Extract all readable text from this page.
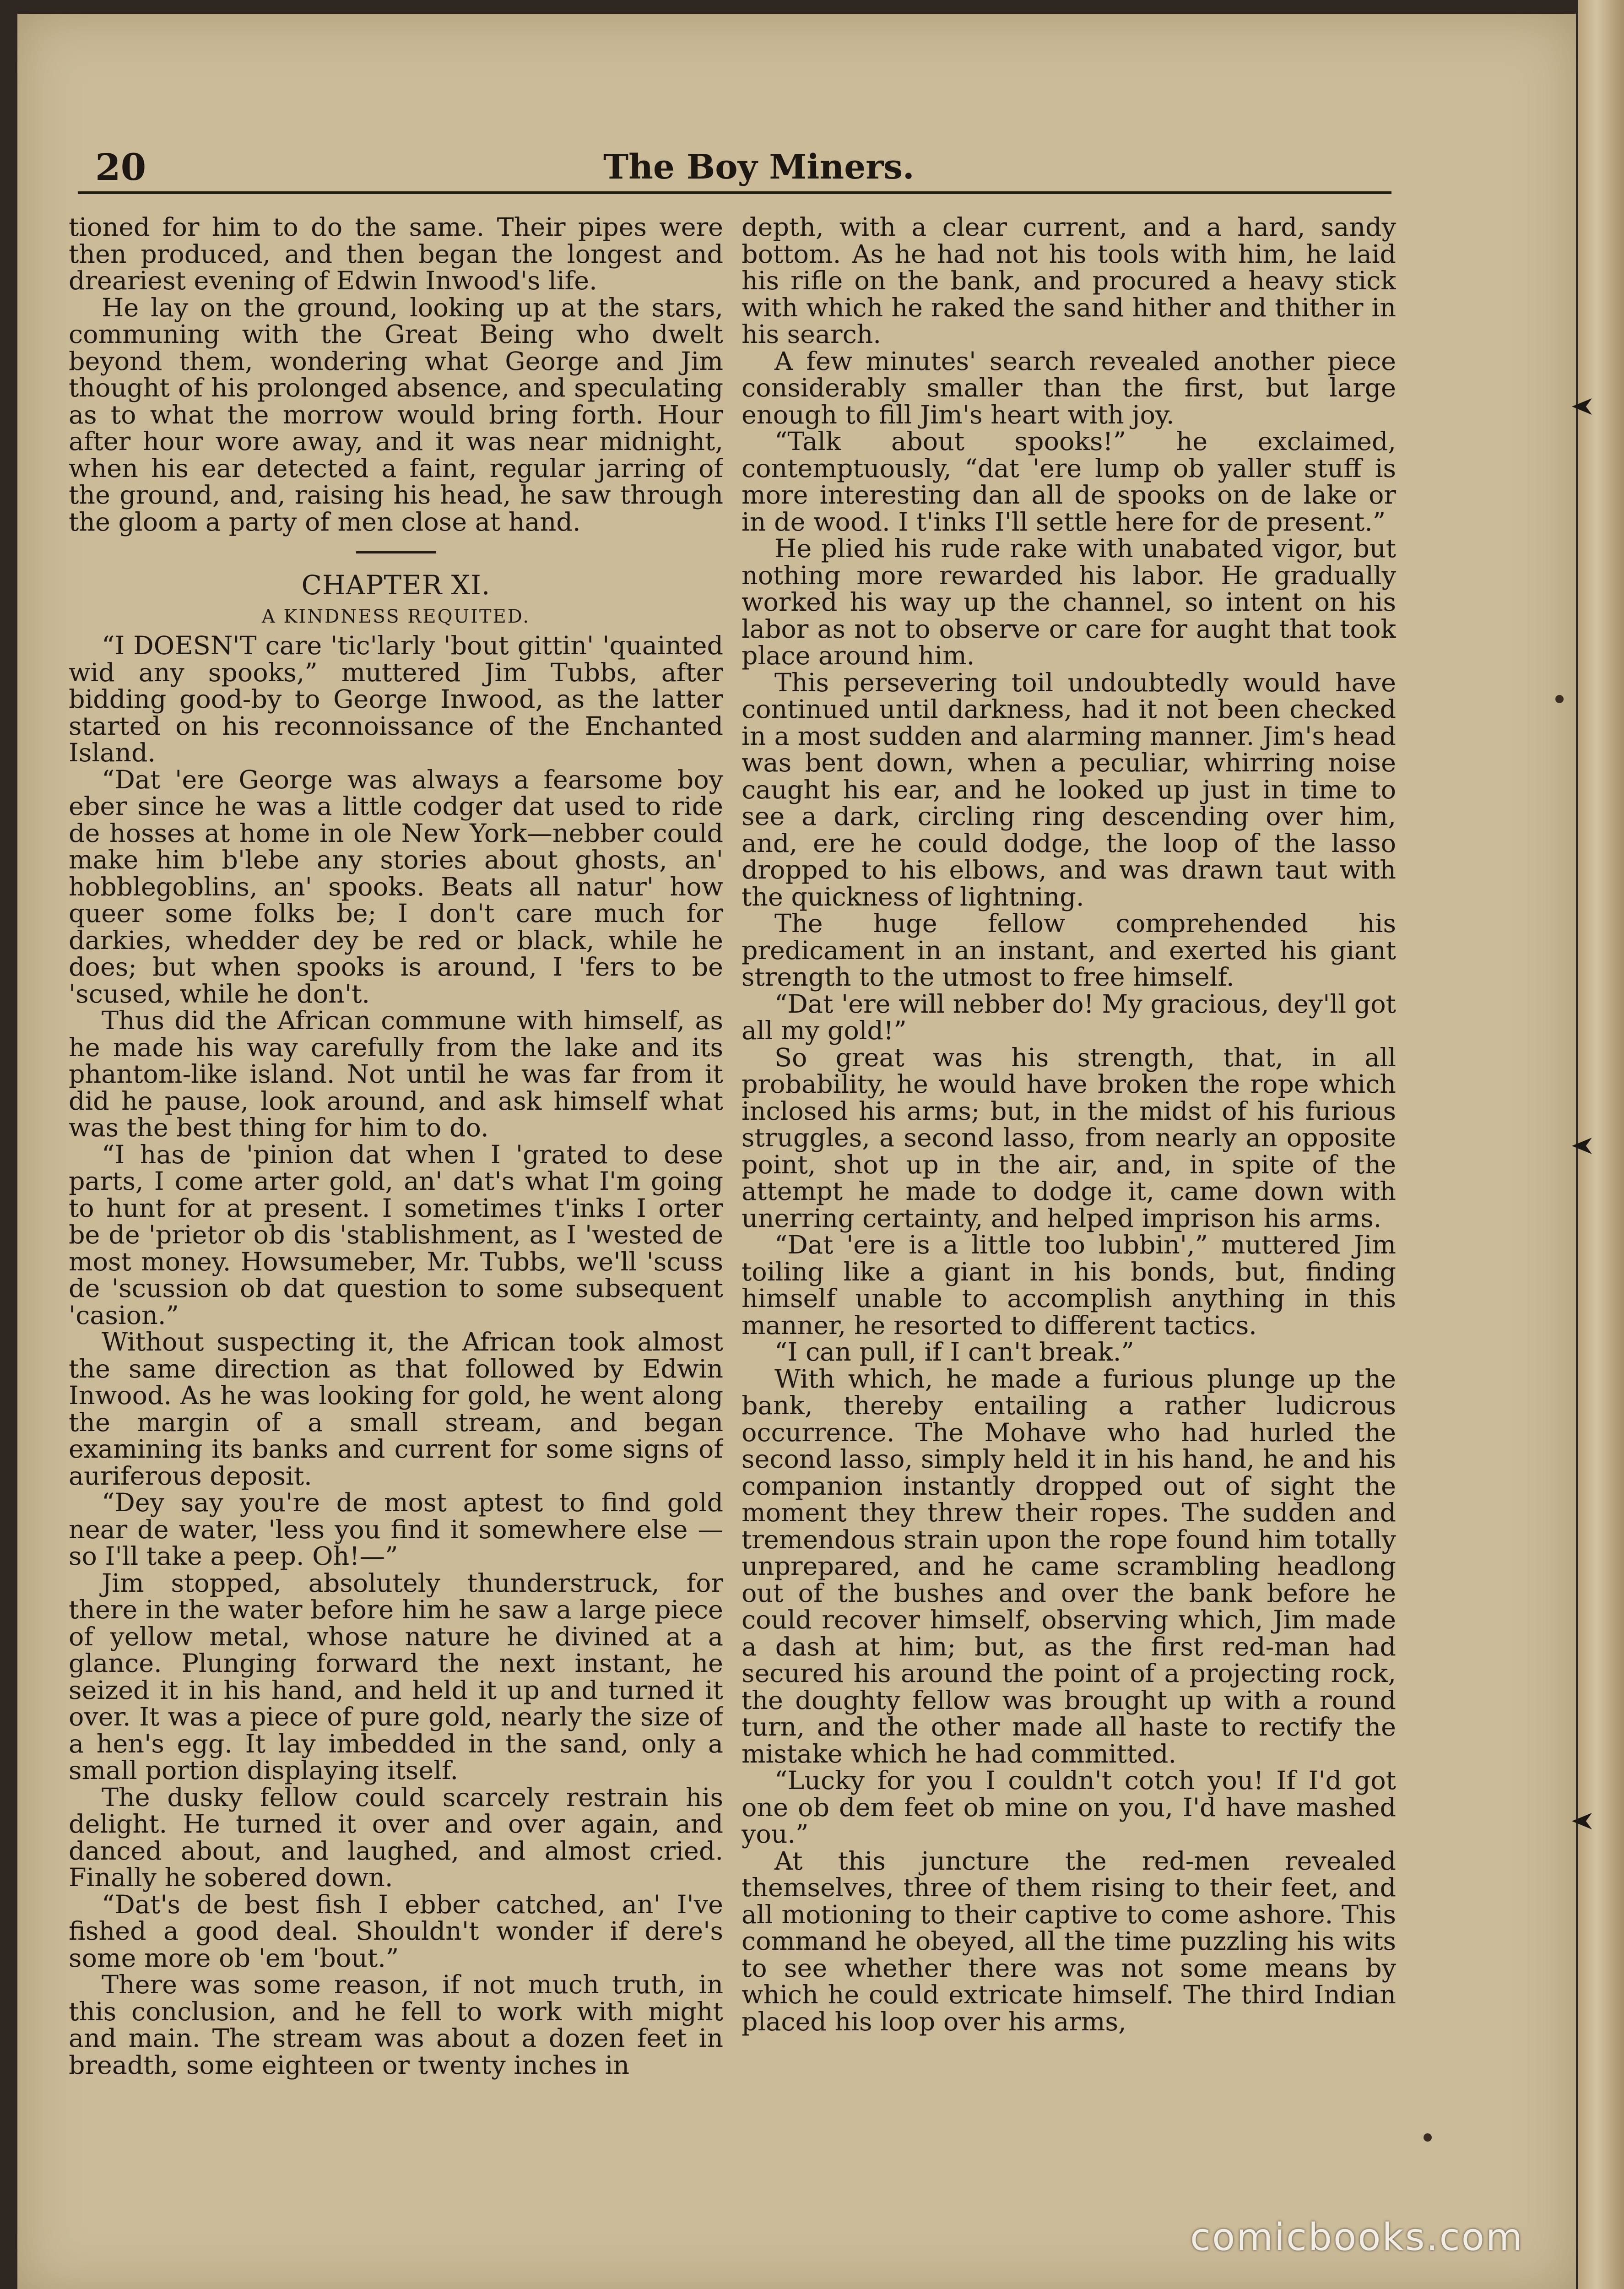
20	The Boy Miners.

tioned for him to do the same. Their pipes were then produced, and then began the longest and dreariest evening of Edwin Inwood's life.

He lay on the ground, looking up at the stars, communing with the Great Being who dwelt beyond them, wondering what George and Jim thought of his prolonged absence, and speculating as to what the morrow would bring forth. Hour after hour wore away, and it was near midnight, when his ear detected a faint, regular jarring of the ground, and, raising his head, he saw through the gloom a party of men close at hand.

CHAPTER XI.
A KINDNESS REQUITED.

“I DOESN'T care 'tic'larly 'bout gittin' 'quainted wid any spooks,” muttered Jim Tubbs, after bidding good-by to George Inwood, as the latter started on his reconnoissance of the Enchanted Island.

“Dat 'ere George was always a fearsome boy eber since he was a little codger dat used to ride de hosses at home in ole New York—nebber could make him b'lebe any stories about ghosts, an' hobblegoblins, an' spooks. Beats all natur' how queer some folks be; I don't care much for darkies, whedder dey be red or black, while he does; but when spooks is around, I 'fers to be 'scused, while he don't.

Thus did the African commune with himself, as he made his way carefully from the lake and its phantom-like island. Not until he was far from it did he pause, look around, and ask himself what was the best thing for him to do.

“I has de 'pinion dat when I 'grated to dese parts, I come arter gold, an' dat's what I'm going to hunt for at present. I sometimes t'inks I orter be de 'prietor ob dis 'stablishment, as I 'wested de most money. Howsumeber, Mr. Tubbs, we'll 'scuss de 'scussion ob dat question to some subsequent 'casion.”

Without suspecting it, the African took almost the same direction as that followed by Edwin Inwood. As he was looking for gold, he went along the margin of a small stream, and began examining its banks and current for some signs of auriferous deposit.

“Dey say you're de most aptest to find gold near de water, 'less you find it somewhere else —so I'll take a peep. Oh!—”

Jim stopped, absolutely thunderstruck, for there in the water before him he saw a large piece of yellow metal, whose nature he divined at a glance. Plunging forward the next instant, he seized it in his hand, and held it up and turned it over. It was a piece of pure gold, nearly the size of a hen's egg. It lay imbedded in the sand, only a small portion displaying itself.

The dusky fellow could scarcely restrain his delight. He turned it over and over again, and danced about, and laughed, and almost cried. Finally he sobered down.

“Dat's de best fish I ebber catched, an' I've fished a good deal. Shouldn't wonder if dere's some more ob 'em 'bout.”

There was some reason, if not much truth, in this conclusion, and he fell to work with might and main. The stream was about a dozen feet in breadth, some eighteen or twenty inches in

depth, with a clear current, and a hard, sandy bottom. As he had not his tools with him, he laid his rifle on the bank, and procured a heavy stick with which he raked the sand hither and thither in his search.

A few minutes' search revealed another piece considerably smaller than the first, but large enough to fill Jim's heart with joy.

“Talk about spooks!” he exclaimed, contemptuously, “dat 'ere lump ob yaller stuff is more interesting dan all de spooks on de lake or in de wood. I t'inks I'll settle here for de present.”

He plied his rude rake with unabated vigor, but nothing more rewarded his labor. He gradually worked his way up the channel, so intent on his labor as not to observe or care for aught that took place around him.

This persevering toil undoubtedly would have continued until darkness, had it not been checked in a most sudden and alarming manner. Jim's head was bent down, when a peculiar, whirring noise caught his ear, and he looked up just in time to see a dark, circling ring descending over him, and, ere he could dodge, the loop of the lasso dropped to his elbows, and was drawn taut with the quickness of lightning.

The huge fellow comprehended his predicament in an instant, and exerted his giant strength to the utmost to free himself.

“Dat 'ere will nebber do! My gracious, dey'll got all my gold!”

So great was his strength, that, in all probability, he would have broken the rope which inclosed his arms; but, in the midst of his furious struggles, a second lasso, from nearly an opposite point, shot up in the air, and, in spite of the attempt he made to dodge it, came down with unerring certainty, and helped imprison his arms.

“Dat 'ere is a little too lubbin',” muttered Jim toiling like a giant in his bonds, but, finding himself unable to accomplish anything in this manner, he resorted to different tactics.

“I can pull, if I can't break.”

With which, he made a furious plunge up the bank, thereby entailing a rather ludicrous occurrence. The Mohave who had hurled the second lasso, simply held it in his hand, he and his companion instantly dropped out of sight the moment they threw their ropes. The sudden and tremendous strain upon the rope found him totally unprepared, and he came scrambling headlong out of the bushes and over the bank before he could recover himself, observing which, Jim made a dash at him; but, as the first red-man had secured his around the point of a projecting rock, the doughty fellow was brought up with a round turn, and the other made all haste to rectify the mistake which he had committed.

“Lucky for you I couldn't cotch you! If I'd got one ob dem feet ob mine on you, I'd have mashed you.”

At this juncture the red-men revealed themselves, three of them rising to their feet, and all motioning to their captive to come ashore. This command he obeyed, all the time puzzling his wits to see whether there was not some means by which he could extricate himself. The third Indian placed his loop over his arms,

comicbooks.com
